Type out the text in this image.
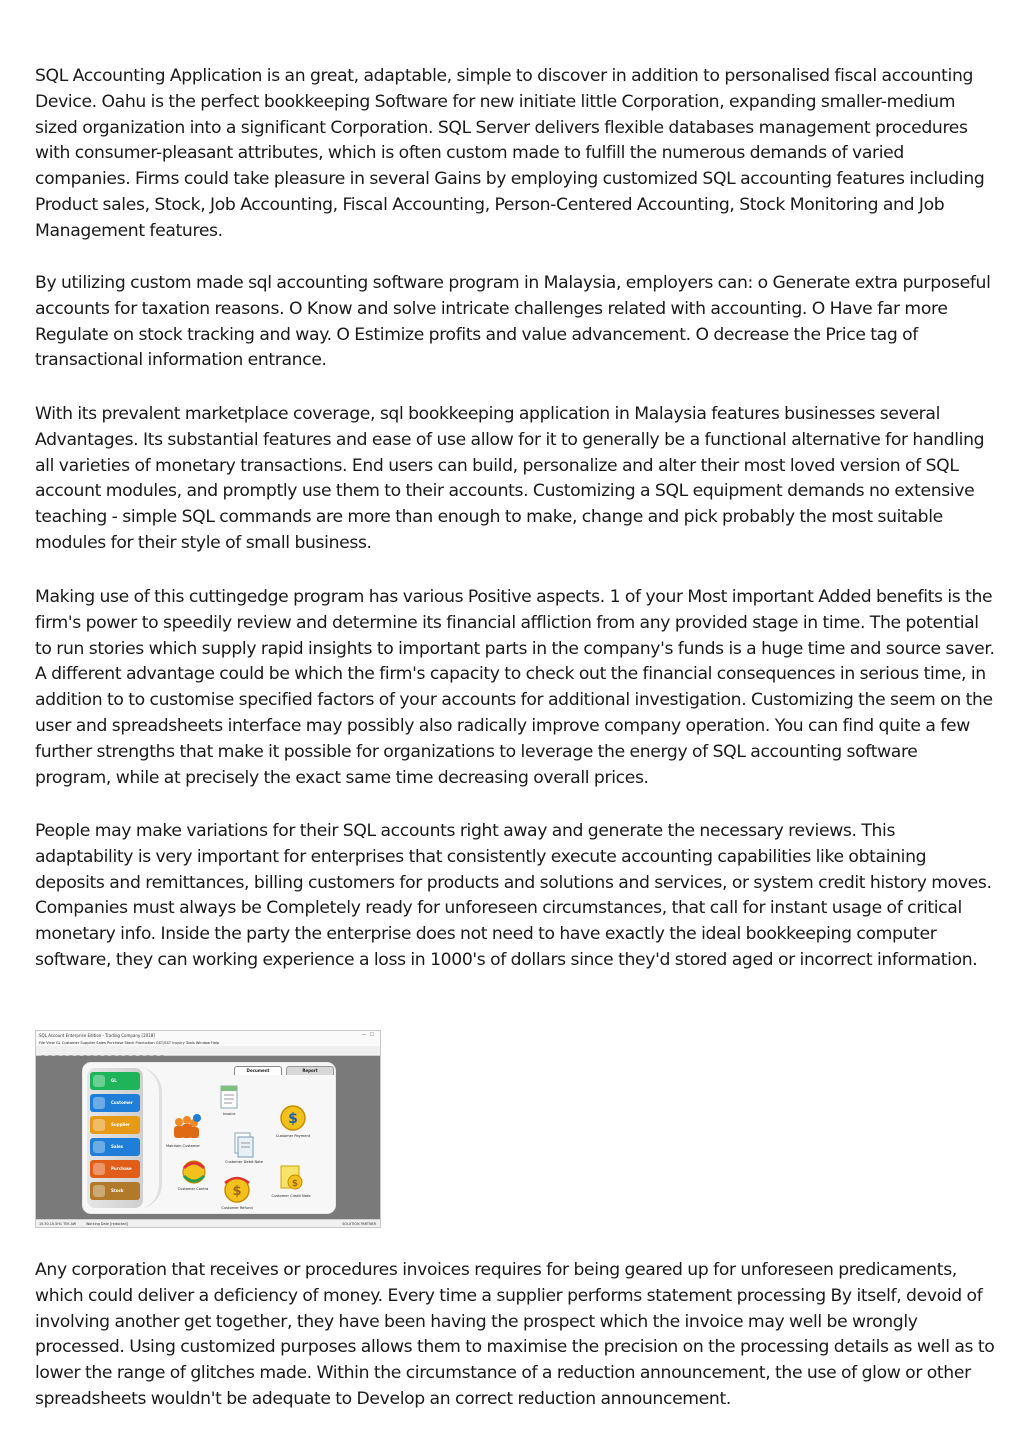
SQL Accounting Application is an great, adaptable, simple to discover in addition to personalised fiscal accounting Device. Oahu is the perfect bookkeeping Software for new initiate little Corporation, expanding smaller-medium sized organization into a significant Corporation. SQL Server delivers flexible databases management procedures with consumer-pleasant attributes, which is often custom made to fulfill the numerous demands of varied companies. Firms could take pleasure in several Gains by employing customized SQL accounting features including Product sales, Stock, Job Accounting, Fiscal Accounting, Person-Centered Accounting, Stock Monitoring and Job Management features.

By utilizing custom made sql accounting software program in Malaysia, employers can: o Generate extra purposeful accounts for taxation reasons. O Know and solve intricate challenges related with accounting. O Have far more Regulate on stock tracking and way. O Estimize profits and value advancement. O decrease the Price tag of transactional information entrance.

With its prevalent marketplace coverage, sql bookkeeping application in Malaysia features businesses several Advantages. Its substantial features and ease of use allow for it to generally be a functional alternative for handling all varieties of monetary transactions. End users can build, personalize and alter their most loved version of SQL account modules, and promptly use them to their accounts. Customizing a SQL equipment demands no extensive teaching - simple SQL commands are more than enough to make, change and pick probably the most suitable modules for their style of small business.

Making use of this cuttingedge program has various Positive aspects. 1 of your Most important Added benefits is the firm's power to speedily review and determine its financial affliction from any provided stage in time. The potential to run stories which supply rapid insights to important parts in the company's funds is a huge time and source saver. A different advantage could be which the firm's capacity to check out the financial consequences in serious time, in addition to to customise specified factors of your accounts for additional investigation. Customizing the seem on the user and spreadsheets interface may possibly also radically improve company operation. You can find quite a few further strengths that make it possible for organizations to leverage the energy of SQL accounting software program, while at precisely the exact same time decreasing overall prices.

People may make variations for their SQL accounts right away and generate the necessary reviews. This adaptability is very important for enterprises that consistently execute accounting capabilities like obtaining deposits and remittances, billing customers for products and solutions and services, or system credit history moves. Companies must always be Completely ready for unforeseen circumstances, that call for instant usage of critical monetary info. Inside the party the enterprise does not need to have exactly the ideal bookkeeping computer software, they can working experience a loss in 1000's of dollars since they'd stored aged or incorrect information.

SQL Account Enterprise Edition - Trading Company [2018]	—  ☐
File View GL Customer Supplier Sales Purchase Stock Production GST/SST Inquiry Tools Window Help
GL
Customer
Supplier
Sales
Purchase
Stock
Document	Report
Invoice	$
Customer Payment
Maintain Customer
Customer Debit Note
Customer Contra	$
Customer Refund
$
Customer Credit Note
15.50.10.5H1 TEK AW	Working Date [redacted]	SOLUTION PARTNER

Any corporation that receives or procedures invoices requires for being geared up for unforeseen predicaments, which could deliver a deficiency of money. Every time a supplier performs statement processing By itself, devoid of involving another get together, they have been having the prospect which the invoice may well be wrongly processed. Using customized purposes allows them to maximise the precision on the processing details as well as to lower the range of glitches made. Within the circumstance of a reduction announcement, the use of glow or other spreadsheets wouldn't be adequate to Develop an correct reduction announcement.
